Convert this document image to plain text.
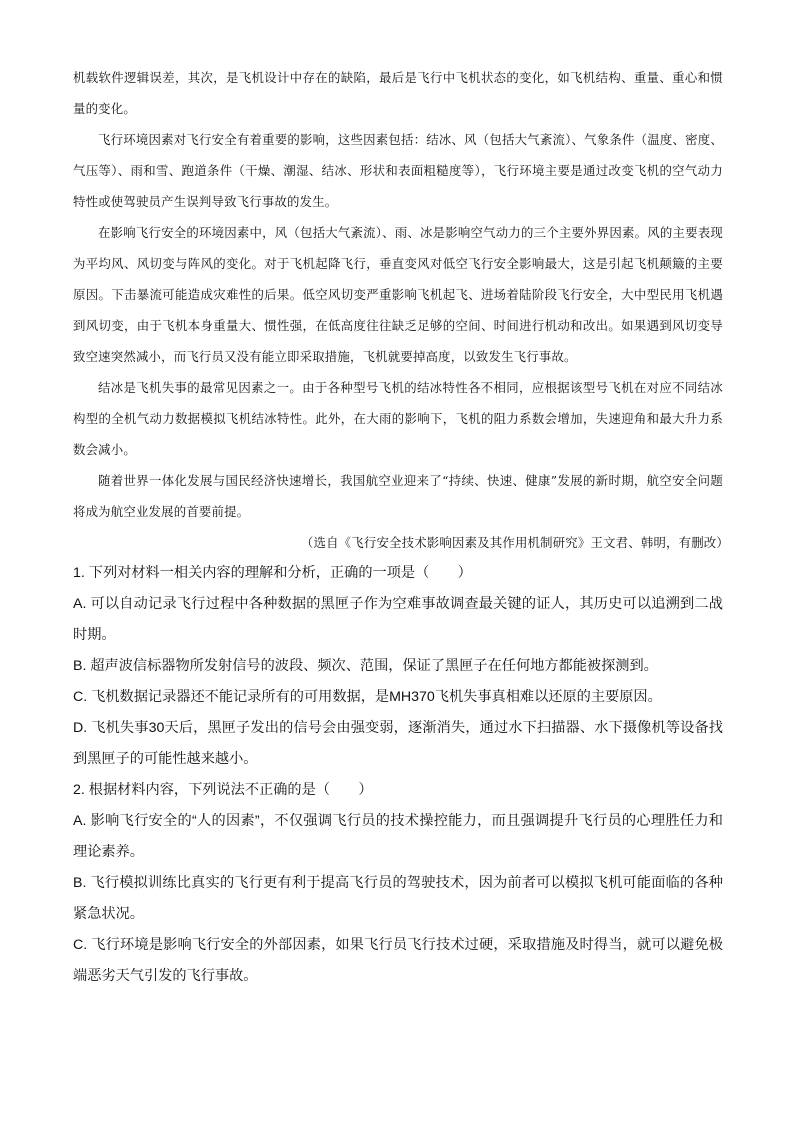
机载软件逻辑误差，其次，是飞机设计中存在的缺陷，最后是飞行中飞机状态的变化，如飞机结构、重量、重心和惯量的变化。

飞行环境因素对飞行安全有着重要的影响，这些因素包括：结冰、风（包括大气紊流）、气象条件（温度、密度、气压等）、雨和雪、跑道条件（干燥、潮湿、结冰、形状和表面粗糙度等），飞行环境主要是通过改变飞机的空气动力特性或使驾驶员产生误判导致飞行事故的发生。

在影响飞行安全的环境因素中，风（包括大气紊流）、雨、冰是影响空气动力的三个主要外界因素。风的主要表现为平均风、风切变与阵风的变化。对于飞机起降飞行，垂直变风对低空飞行安全影响最大，这是引起飞机颠簸的主要原因。下击暴流可能造成灾难性的后果。低空风切变严重影响飞机起飞、进场着陆阶段飞行安全，大中型民用飞机遇到风切变，由于飞机本身重量大、惯性强，在低高度往往缺乏足够的空间、时间进行机动和改出。如果遇到风切变导致空速突然减小，而飞行员又没有能立即采取措施，飞机就要掉高度，以致发生飞行事故。

结冰是飞机失事的最常见因素之一。由于各种型号飞机的结冰特性各不相同，应根据该型号飞机在对应不同结冰构型的全机气动力数据模拟飞机结冰特性。此外，在大雨的影响下，飞机的阻力系数会增加，失速迎角和最大升力系数会减小。

随着世界一体化发展与国民经济快速增长，我国航空业迎来了“持续、快速、健康”发展的新时期，航空安全问题将成为航空业发展的首要前提。

（选自《飞行安全技术影响因素及其作用机制研究》王文君、韩明，有删改）

1. 下列对材料一相关内容的理解和分析，正确的一项是（　　）

A. 可以自动记录飞行过程中各种数据的黑匣子作为空难事故调查最关键的证人，其历史可以追溯到二战时期。

B. 超声波信标器物所发射信号的波段、频次、范围，保证了黑匣子在任何地方都能被探测到。

C. 飞机数据记录器还不能记录所有的可用数据，是MH370飞机失事真相难以还原的主要原因。

D. 飞机失事30天后，黑匣子发出的信号会由强变弱，逐渐消失，通过水下扫描器、水下摄像机等设备找到黑匣子的可能性越来越小。

2. 根据材料内容，下列说法不正确的是（　　）

A. 影响飞行安全的“人的因素”，不仅强调飞行员的技术操控能力，而且强调提升飞行员的心理胜任力和理论素养。

B. 飞行模拟训练比真实的飞行更有利于提高飞行员的驾驶技术，因为前者可以模拟飞机可能面临的各种紧急状况。

C. 飞行环境是影响飞行安全的外部因素，如果飞行员飞行技术过硬，采取措施及时得当，就可以避免极端恶劣天气引发的飞行事故。
